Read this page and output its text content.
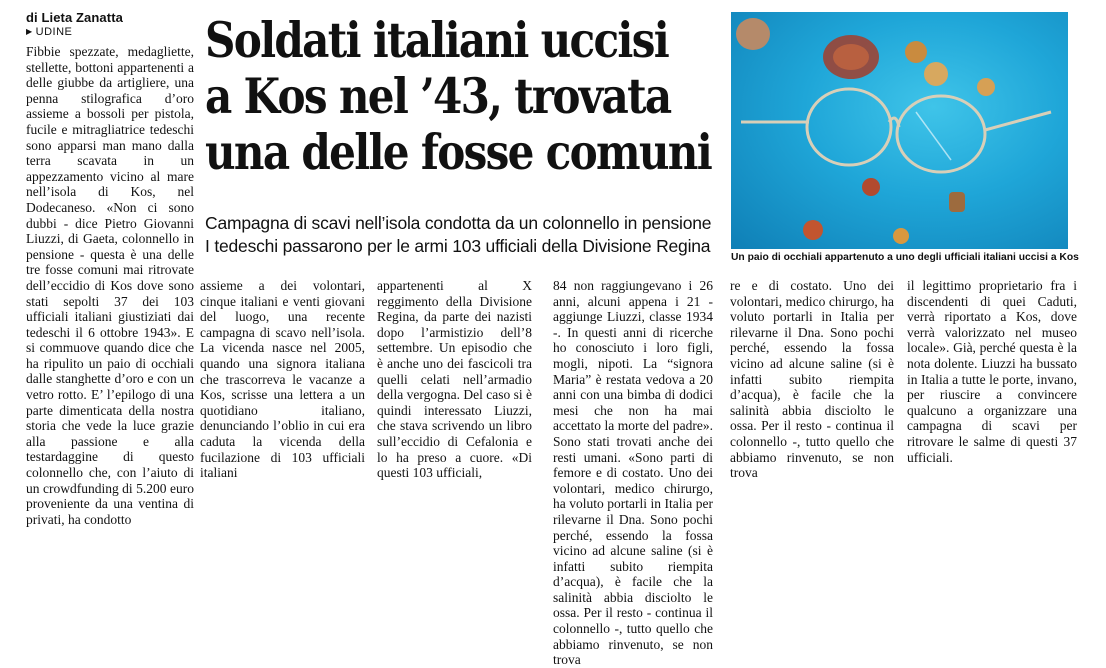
di Lieta Zanatta
▶ UDINE

Fibbie spezzate, medagliette, stellette, bottoni appartenenti a delle giubbe da artigliere, una penna stilografica d’oro assieme a bossoli per pistola, fucile e mitragliatrice tedeschi sono apparsi man mano dalla terra scavata in un appezzamento vicino al mare nell’isola di Kos, nel Dodecaneso. «Non ci sono dubbi - dice Pietro Giovanni Liuzzi, di Gaeta, colonnello in pensione - questa è una delle tre fosse comuni mai ritrovate dell’eccidio di Kos dove sono stati sepolti 37 dei 103 ufficiali italiani giustiziati dai tedeschi il 6 ottobre 1943». E si commuove quando dice che ha ripulito un paio di occhiali dalle stanghette d’oro e con un vetro rotto. E’ l’epilogo di una parte dimenticata della nostra storia che vede la luce grazie alla passione e alla testardaggine di questo colonnello che, con l’aiuto di un crowdfunding di 5.200 euro proveniente da una ventina di privati, ha condotto

Soldati italiani uccisi
a Kos nel ’43, trovata
una delle fosse comuni
Campagna di scavi nell’isola condotta da un colonnello in pensione
I tedeschi passarono per le armi 103 ufficiali della Divisione Regina
Un paio di occhiali appartenuto a uno degli ufficiali italiani uccisi a Kos

assieme a dei volontari, cinque italiani e venti giovani del luogo, una recente campagna di scavo nell’isola. La vicenda nasce nel 2005, quando una signora italiana che trascorreva le vacanze a Kos, scrisse una lettera a un quotidiano italiano, denunciando l’oblio in cui era caduta la vicenda della fucilazione di 103 ufficiali italiani

appartenenti al X reggimento della Divisione Regina, da parte dei nazisti dopo l’armistizio dell’8 settembre. Un episodio che è anche uno dei fascicoli tra quelli celati nell’armadio della vergogna. Del caso si è quindi interessato Liuzzi, che stava scrivendo un libro sull’eccidio di Cefalonia e lo ha preso a cuore. «Di questi 103 ufficiali,

84 non raggiungevano i 26 anni, alcuni appena i 21 - aggiunge Liuzzi, classe 1934 -. In questi anni di ricerche ho conosciuto i loro figli, mogli, nipoti. La “signora Maria” è restata vedova a 20 anni con una bimba di dodici mesi che non ha mai accettato la morte del padre». Sono stati trovati anche dei resti umani. «Sono parti di femore e di costato. Uno dei volontari, medico chirurgo, ha voluto portarli in Italia per rilevarne il Dna. Sono pochi perché, essendo la fossa vicino ad alcune saline (si è infatti subito riempita d’acqua), è facile che la salinità abbia disciolto le ossa. Per il resto - continua il colonnello -, tutto quello che abbiamo rinvenuto, se non trova

re e di costato. Uno dei volontari, medico chirurgo, ha voluto portarli in Italia per rilevarne il Dna. Sono pochi perché, essendo la fossa vicino ad alcune saline (si è infatti subito riempita d’acqua), è facile che la salinità abbia disciolto le ossa. Per il resto - continua il colonnello -, tutto quello che abbiamo rinvenuto, se non trova

il legittimo proprietario fra i discendenti di quei Caduti, verrà riportato a Kos, dove verrà valorizzato nel museo locale». Già, perché questa è la nota dolente. Liuzzi ha bussato in Italia a tutte le porte, invano, per riuscire a convincere qualcuno a organizzare una campagna di scavi per ritrovare le salme di questi 37 ufficiali.
